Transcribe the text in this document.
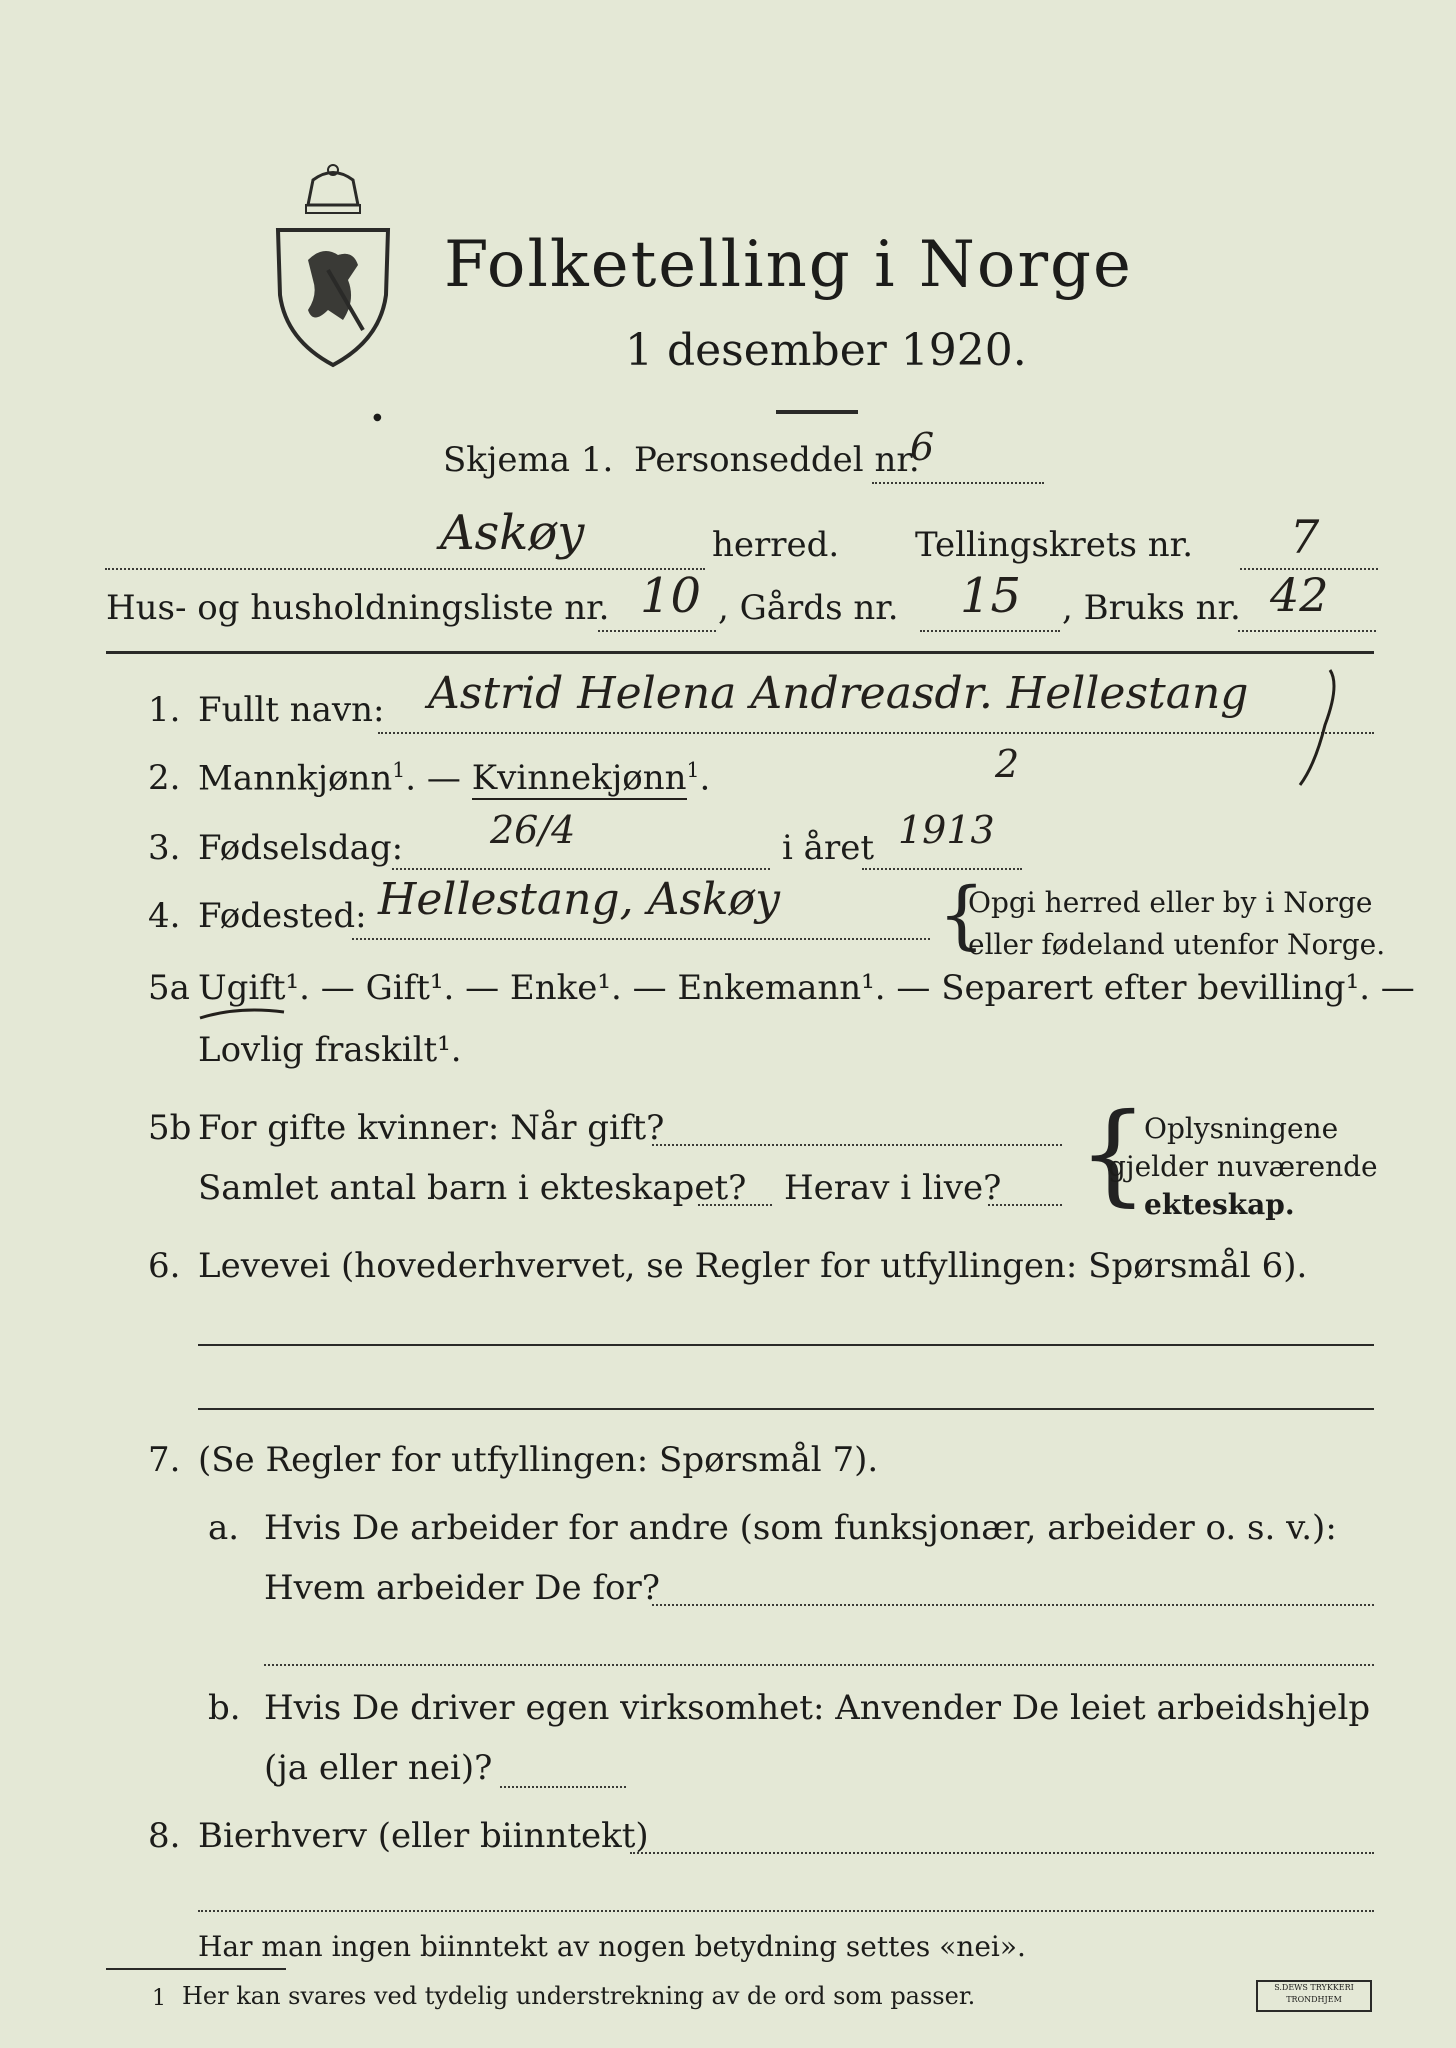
Folketelling i Norge
1 desember 1920.
●
Skjema 1. Personseddel nr.
6
Askøy	herred. Tellingskrets nr. 7
Hus- og husholdningsliste nr. 10 , Gårds nr. 15 , Bruks nr. 42
1. Fullt navn: Astrid Helena Andreasdr. Hellestang
2. Mannkjønn$^1$. — Kvinnekjønn$^1$.	2
3. Fødselsdag: 26/4	i året 1913
4. Fødested: Hellestang, Askøy {
Opgi herred eller by i Norge
eller fødeland utenfor Norge.
5a Ugift¹. — Gift¹. — Enke¹. — Enkemann¹. — Separert efter bevilling¹. —
Lovlig fraskilt¹.
5b For gifte kvinner: Når gift?
Samlet antal barn i ekteskapet? Herav i live? {
Oplysningene
gjelder nuværende
ekteskap.
6. Levevei (hovederhvervet, se Regler for utfyllingen: Spørsmål 6).
7. (Se Regler for utfyllingen: Spørsmål 7).
a. Hvis De arbeider for andre (som funksjonær, arbeider o. s. v.):
Hvem arbeider De for?
b. Hvis De driver egen virksomhet: Anvender De leiet arbeidshjelp
(ja eller nei)?
8. Bierhverv (eller biinntekt)
Har man ingen biinntekt av nogen betydning settes «nei».
1 Her kan svares ved tydelig understrekning av de ord som passer.	S.DEWS TRYKKERI
TRONDHJEM
